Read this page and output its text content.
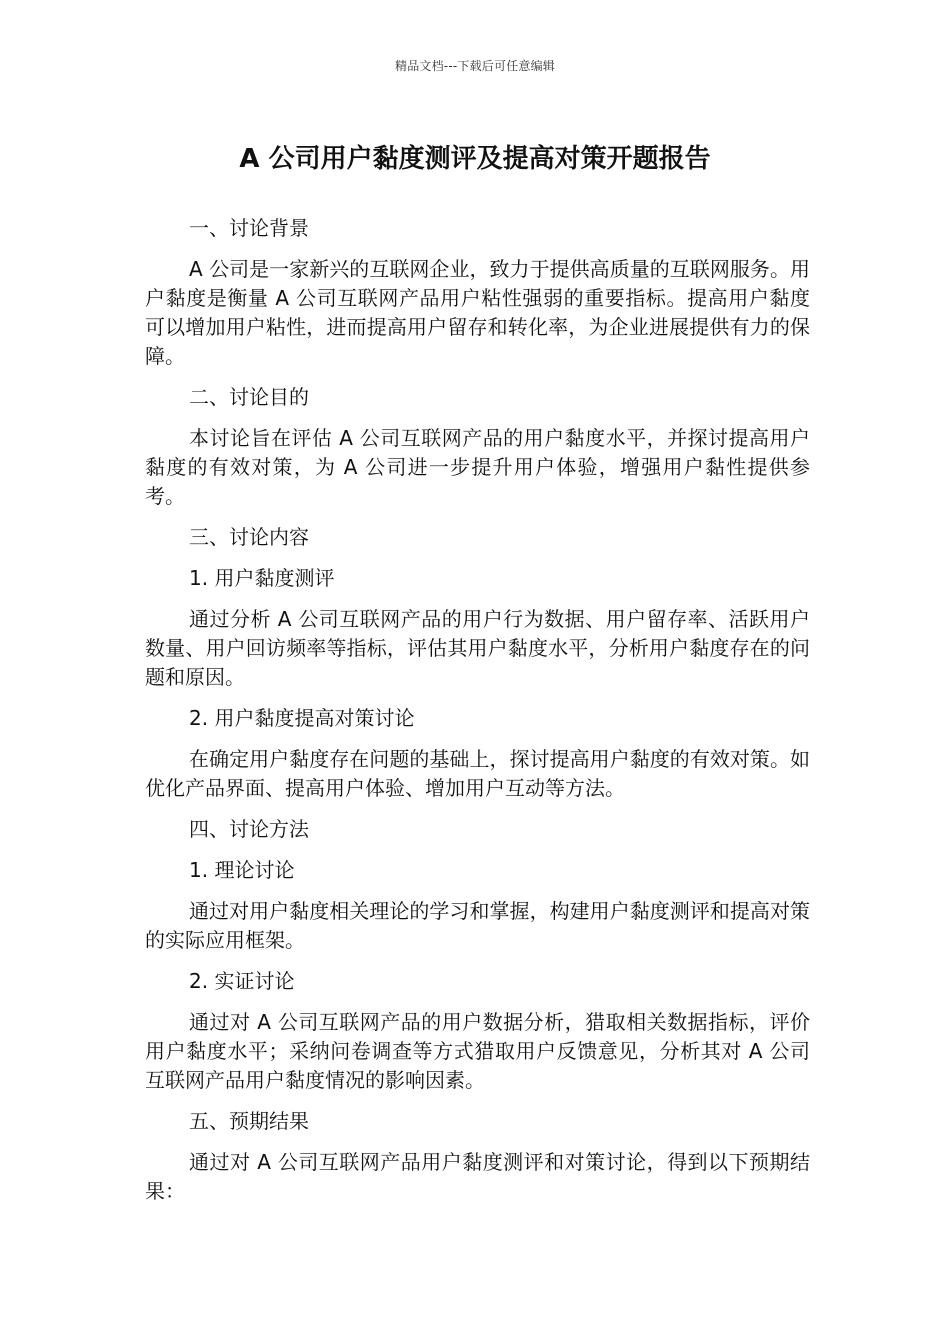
精品文档---下载后可任意编辑
A 公司用户黏度测评及提高对策开题报告

一、讨论背景

A 公司是一家新兴的互联网企业，致力于提供高质量的互联网服务。用户黏度是衡量 A 公司互联网产品用户粘性强弱的重要指标。提高用户黏度可以增加用户粘性，进而提高用户留存和转化率，为企业进展提供有力的保障。

二、讨论目的

本讨论旨在评估 A 公司互联网产品的用户黏度水平，并探讨提高用户黏度的有效对策，为 A 公司进一步提升用户体验，增强用户黏性提供参考。

三、讨论内容

1. 用户黏度测评

通过分析 A 公司互联网产品的用户行为数据、用户留存率、活跃用户数量、用户回访频率等指标，评估其用户黏度水平，分析用户黏度存在的问题和原因。

2. 用户黏度提高对策讨论

在确定用户黏度存在问题的基础上，探讨提高用户黏度的有效对策。如优化产品界面、提高用户体验、增加用户互动等方法。

四、讨论方法

1. 理论讨论

通过对用户黏度相关理论的学习和掌握，构建用户黏度测评和提高对策的实际应用框架。

2. 实证讨论

通过对 A 公司互联网产品的用户数据分析，猎取相关数据指标，评价用户黏度水平；采纳问卷调查等方式猎取用户反馈意见，分析其对 A 公司互联网产品用户黏度情况的影响因素。

五、预期结果

通过对 A 公司互联网产品用户黏度测评和对策讨论，得到以下预期结果：
